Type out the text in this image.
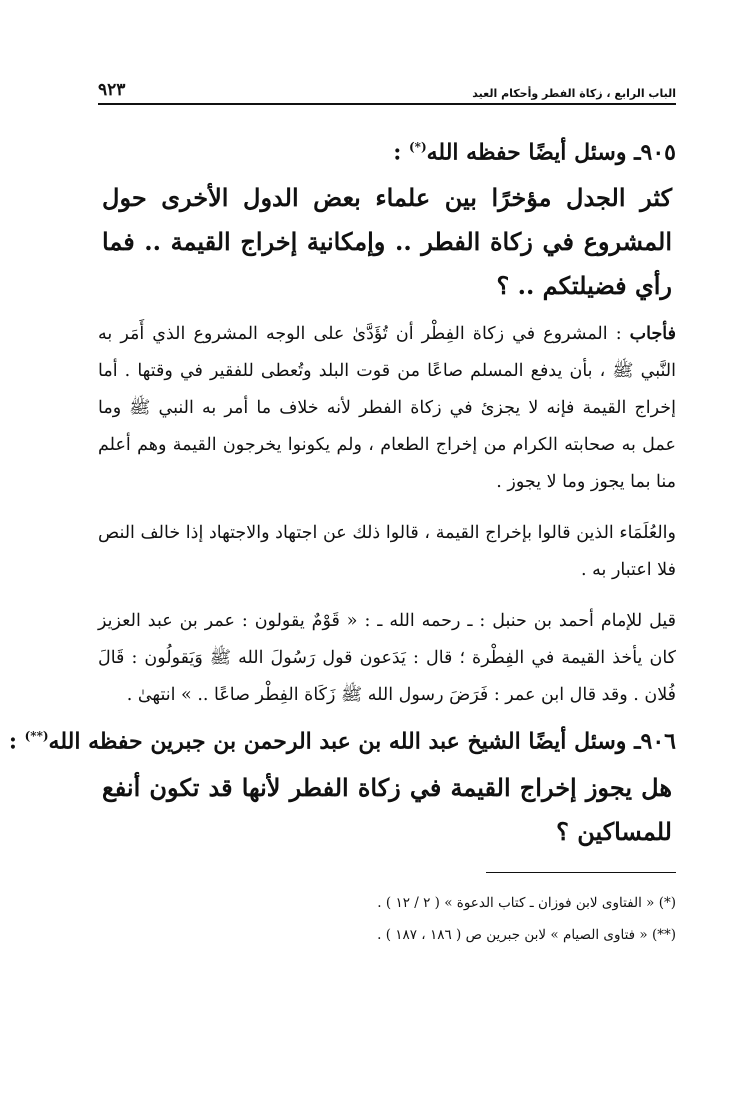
الباب الرابع ، زكاة الفطر وأحكام العيد
٩٢٣
٩٠٥ـ وسئل أيضًا حفظه الله(*) :
كثر الجدل مؤخرًا بين علماء بعض الدول الأخرى حول المشروع في زكاة الفطر .. وإمكانية إخراج القيمة .. فما رأي فضيلتكم .. ؟

فأجاب : المشروع في زكاة الفِطْر أن تُؤَدَّىٰ على الوجه المشروع الذي أَمَر به النَّبي ﷺ ، بأن يدفع المسلم صاعًا من قوت البلد وتُعطى للفقير في وقتها . أما إخراج القيمة فإنه لا يجزئ في زكاة الفطر لأنه خلاف ما أمر به النبي ﷺ وما عمل به صحابته الكرام من إخراج الطعام ، ولم يكونوا يخرجون القيمة وهم أعلم منا بما يجوز وما لا يجوز .

والعُلَمَاء الذين قالوا بإخراج القيمة ، قالوا ذلك عن اجتهاد والاجتهاد إذا خالف النص فلا اعتبار به .

قيل للإمام أحمد بن حنبل : ـ رحمه الله ـ : « قَوْمٌ يقولون : عمر بن عبد العزيز كان يأخذ القيمة في الفِطْرة ؛ قال : يَدَعون قول رَسُولَ الله ﷺ وَيَقولُون : قَالَ فُلان . وقد قال ابن عمر : فَرَضَ رسول الله ﷺ زَكَاة الفِطْر صاعًا .. » انتهىٰ .

٩٠٦ـ وسئل أيضًا الشيخ عبد الله بن عبد الرحمن بن جبرين حفظه الله(**) :
هل يجوز إخراج القيمة في زكاة الفطر لأنها قد تكون أنفع للمساكين ؟
(*) « الفتاوى لابن فوزان ـ كتاب الدعوة » ( ٢ / ١٢ ) .
(**) « فتاوى الصيام » لابن جبرين ص ( ١٨٦ ، ١٨٧ ) .
